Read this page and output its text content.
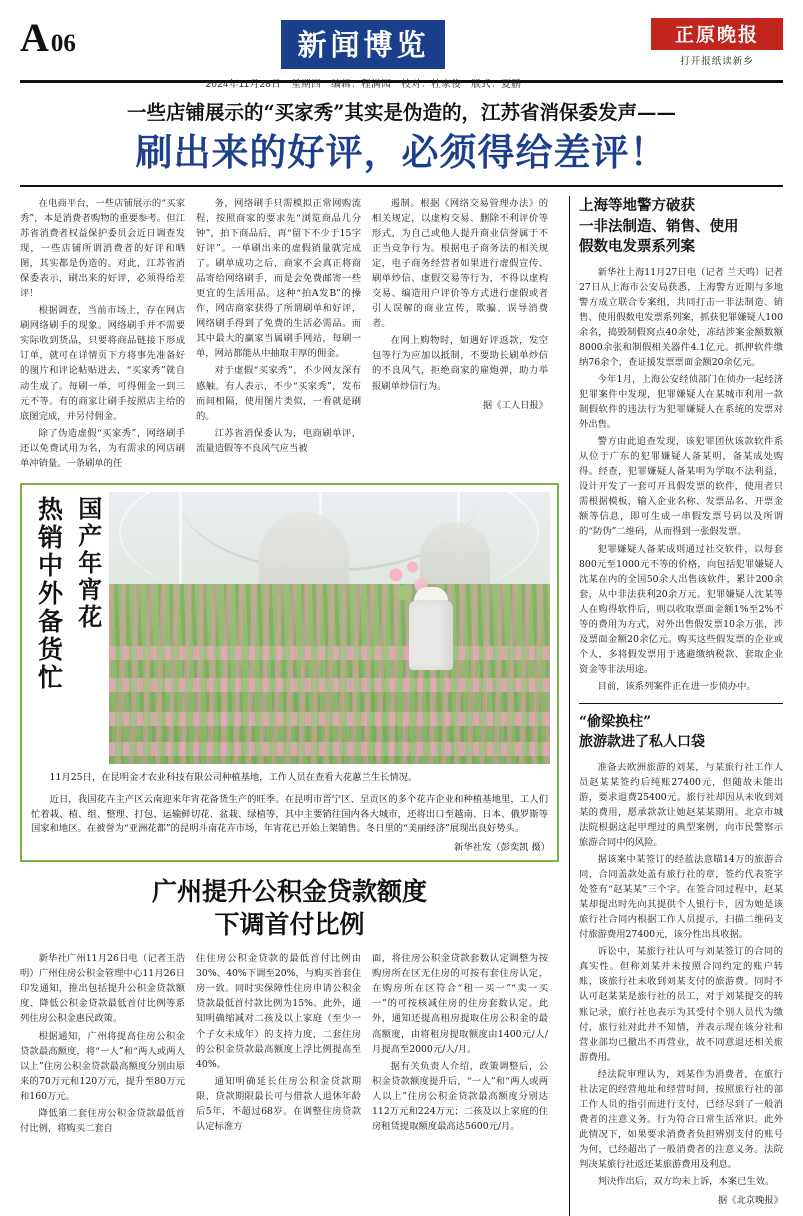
A 06	新闻博览
2024年11月28日　星期四　编辑：程满园　校对：杜家俊　版式：夏鹏
正原晚报
打开报纸读新乡
一些店铺展示的“买家秀”其实是伪造的，江苏省消保委发声——
刷出来的好评，必须得给差评！

在电商平台，一些店铺展示的“买家秀”，本是消费者购物的重要参考。但江苏省消费者权益保护委员会近日调查发现，一些店铺所谓消费者的好评和晒图，其实都是伪造的。对此，江苏省消保委表示，刷出来的好评，必须得给差评！

根据调查，当前市场上，存在网店刷网络刷手的现象。网络刷手并不需要实际收到货品，只要将商品链接下形成订单，就可在详情页下方将事先准备好的图片和评论帖贴进去，“买家秀”就自动生成了。每刷一单，可得佣金一到三元不等。有的商家让刷手按照店主给的底图完成，并另付佣金。

除了伪造虚假“买家秀”，网络刷手还以免费试用为名，为有需求的网店刷单冲销量。一条刷单的任

务，网络刷手只需模拟正常网购流程，按照商家的要求先“浏览商品几分钟”，拍下商品后，再“留下不少于15字好评”。一单刷出来的虚假销量就完成了。刷单成功之后，商家不会真正将商品寄给网络刷手，而是会免费邮寄一些更宜的生活用品。这种“拍A发B”的操作，网店商家获得了所谓刷单和好评，网络刷手得到了免费的生活必需品。而其中最大的赢家当属刷手网站，每刷一单，网站都能从中抽取丰厚的佣金。

对于虚假“买家秀”，不少网友深有感触。有人表示，不少“买家秀”，发布而间相隔，使用图片类似，一看就是刷的。

江苏省消保委认为，电商刷单评，流量造假等不良风气应当被

遏制。根据《网络交易管理办法》的相关规定，以虚构交易、删除不利评价等形式，为自己或他人提升商业信誉属于不正当竞争行为。根据电子商务法的相关规定，电子商务经营者如果进行虚假宣传、刷单炒信、虚假交易等行为，不得以虚构交易、编造用户评价等方式进行虚假或者引人误解的商业宣传，欺骗、误导消费者。

在网上购物时，如遇好评返款，发空包等行为应加以抵制，不要助长刷单炒信的不良风气，拒绝商家的雇炮弹，助力举报刷单炒信行为。

据《工人日报》
热销中外备货忙 国产年宵花
11月25日，在昆明金才农业科技有限公司种植基地，工作人员在查看大花蕙兰生长情况。
近日，我国花卉主产区云南迎来年宵花备货生产的旺季。在昆明市晋宁区、呈贡区的多个花卉企业和种植基地里，工人们忙着栽、植、组、整理、打包、运输鲜切花、盆栽、绿植等，其中主要销往国内各大城市，还将出口至越南、日本、俄罗斯等国家和地区。在被誉为“亚洲花都”的昆明斗南花卉市场，年宵花已开始上架销售。冬日里的“美丽经济”展现出良好势头。
新华社发（彭奕凯 摄）
广州提升公积金贷款额度
下调首付比例

新华社广州11月26日电（记者王浩明）广州住房公积金管理中心11月26日印发通知，推出包括提升公积金贷款额度、降低公积金贷款最低首付比例等系列住房公积金惠民政策。

根据通知，广州将提高住房公积金贷款最高额度，将“一人”和“两人或两人以上”住房公积金贷款最高额度分别由原来的70万元和120万元，提升至80万元和160万元。

降低第二套住房公积金贷款最低首付比例，将购买二套自

住住房公积金贷款的最低首付比例由30%、40%下调至20%，与购买首套住房一致。同时实保障性住房申请公积金贷款最低首付款比例为15%。此外，通知明确缩减对二孩及以上家庭（至少一个子女未成年）的支持力度，二套住房的公积金贷款最高额度上浮比例提高至40%。

通知明确延长住房公积金贷款期限，贷款期限最长可与借款人退休年龄后5年，不超过68岁。在调整住房贷款认定标准方

面，将住房公积金贷款套数认定调整为按购房所在区无住房的可按有套住房认定，在购房所在区符合“租一买一”“卖一买一”的可按核减住房的住房套数认定。此外，通知还提高租房提取住房公积金的最高额度，由将租房提取额度由1400元/人/月提高至2000元/人/月。

据有关负责人介绍，政策调整后，公积金贷款额度提升后，“一人”和“两人或两人以上”住房公积金贷款最高额度分别达112万元和224万元；二孩及以上家庭的住房租赁提取额度最高达5600元/月。

上海等地警方破获
一非法制造、销售、使用
假数电发票系列案

新华社上海11月27日电（记者 兰天鸣）记者27日从上海市公安局获悉，上海警方近期与多地警方成立联合专案组，共同打击一非法制造、销售、使用假数电发票系列案，抓获犯罪嫌疑人100余名，捣毁制假窝点40余处，冻结涉案金额数额8000余张和制假相关器件4.1亿元。抓押软件缴纳76余个，查证援发票票面金额20余亿元。

今年1月，上海公安经侦部门在侦办一起经济犯罪案件中发现，犯罪嫌疑人在某城市利用一款制假软件的违法行为犯罪嫌疑人在系统的发票对外出售。

警方由此追查发现，该犯罪团伙该款软件系从位于广东的犯罪嫌疑人备某明，备某成处购得。经查，犯罪嫌疑人备某明为学取不法利益，设计开发了一套可开具假发票的软件，使用者只需根据模板，输入企业名称、发票品名、开票金额等信息，即可生成一串假发票号码以及所谓的“防伪”二维码，从而得到一张假发票。

犯罪嫌疑人备某成则通过社交软件，以每套800元至1000元不等的价格，向包括犯罪嫌疑人沈某在内的全国50余人出售该软件，累计200余套，从中非法获利20余万元。犯罪嫌疑人沈某等人在购得软件后，则以收取票面金额1%至2%不等的费用为方式，对外出售假发票10余万张，涉及票面金额20余亿元。购买这些假发票的企业或个人，多将假发票用于逃避缴纳税款、套取企业资金等非法用途。

目前，该系列案件正在进一步侦办中。

“偷梁换柱”
旅游款进了私人口袋

准备去欧洲旅游的刘某，与某旅行社工作人员赵某某签约后纯账27400元，但随故未能出游，要求退费25400元。旅行社却因从未收到刘某的费用，愿承款款让她赵某某期用。北京市城法院根据这起甲理过的典型案例，向市民警察示旅游合同中的风险。

据该案中某签订的经蓝法意瞄14万的旅游合同，合同盖款处盖有旅行社的章，签约代表签字处签有“赵某某”三个字。在签合同过程中，赵某某却提出时先向其提供个人银行卡，因为她是该旅行社合同内根据工作人员提示，扫描二维码支付旅游费用27400元，该分性出具收据。

诉讼中，某旅行社认可与刘某签订的合同的真实性。但称刘某并未按照合同约定的账户转账，该旅行社未收到刘某支付的旅游费。同时不认可赵某某是旅行社的员工，对于刘某提交的转账记录，旅行社也表示为其受付个别人员代为缴付，旅行社对此并不知情，并表示现在该分社和营业部均已撤出不再营业，故不同意退还相关旅游费用。

经法院审理认为，刘某作为消费者，在旅行社法定的经营地址和经营时间，按照旅行社的部工作人员的指引而进行支付，已经尽到了一般消费者的注意义务。行为符合日常生活常识。此外此情况下，如果要求消费者负担辨别支付的账号为何，已经超出了一般消费者的注意义务。法院判决某旅行社返还某旅游费用及利息。

判决作出后，双方均未上诉，本案已生效。

据《北京晚报》
